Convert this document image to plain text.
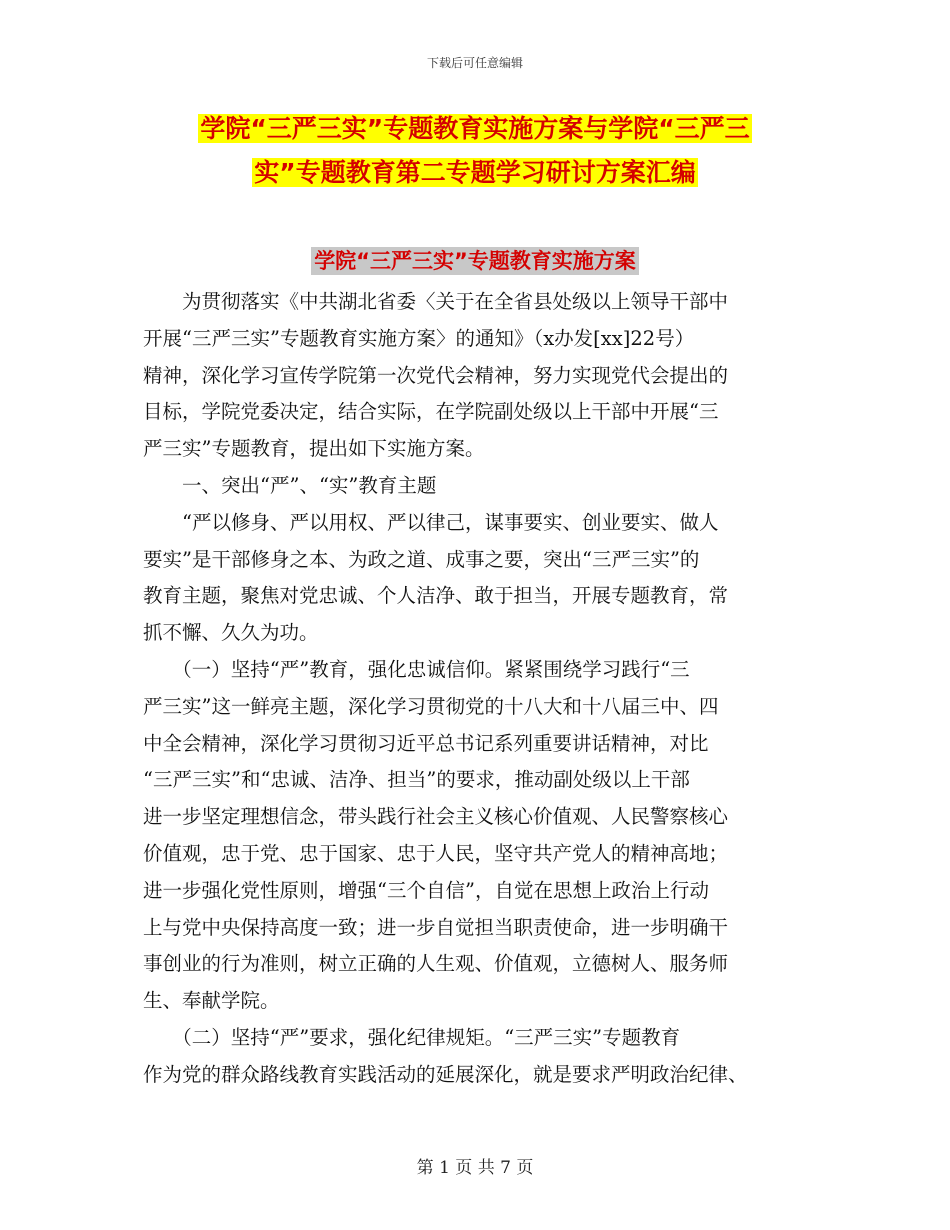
下载后可任意编辑
学院“三严三实”专题教育实施方案与学院“三严三
实”专题教育第二专题学习研讨方案汇编
学院“三严三实”专题教育实施方案
　　为贯彻落实《中共湖北省委〈关于在全省县处级以上领导干部中
开展“三严三实”专题教育实施方案〉的通知》（x办发[xx]22号）
精神，深化学习宣传学院第一次党代会精神，努力实现党代会提出的
目标，学院党委决定，结合实际，在学院副处级以上干部中开展“三
严三实”专题教育，提出如下实施方案。
　　一、突出“严”、“实”教育主题
　　“严以修身、严以用权、严以律己，谋事要实、创业要实、做人
要实”是干部修身之本、为政之道、成事之要，突出“三严三实”的
教育主题，聚焦对党忠诚、个人洁净、敢于担当，开展专题教育，常
抓不懈、久久为功。
　　（一）坚持“严”教育，强化忠诚信仰。紧紧围绕学习践行“三
严三实”这一鲜亮主题，深化学习贯彻党的十八大和十八届三中、四
中全会精神，深化学习贯彻习近平总书记系列重要讲话精神，对比
“三严三实”和“忠诚、洁净、担当”的要求，推动副处级以上干部
进一步坚定理想信念，带头践行社会主义核心价值观、人民警察核心
价值观，忠于党、忠于国家、忠于人民，坚守共产党人的精神高地；
进一步强化党性原则，增强“三个自信”，自觉在思想上政治上行动
上与党中央保持高度一致；进一步自觉担当职责使命，进一步明确干
事创业的行为准则，树立正确的人生观、价值观，立德树人、服务师
生、奉献学院。
　　（二）坚持“严”要求，强化纪律规矩。“三严三实”专题教育
作为党的群众路线教育实践活动的延展深化，就是要求严明政治纪律、
第 1 页 共 7 页
